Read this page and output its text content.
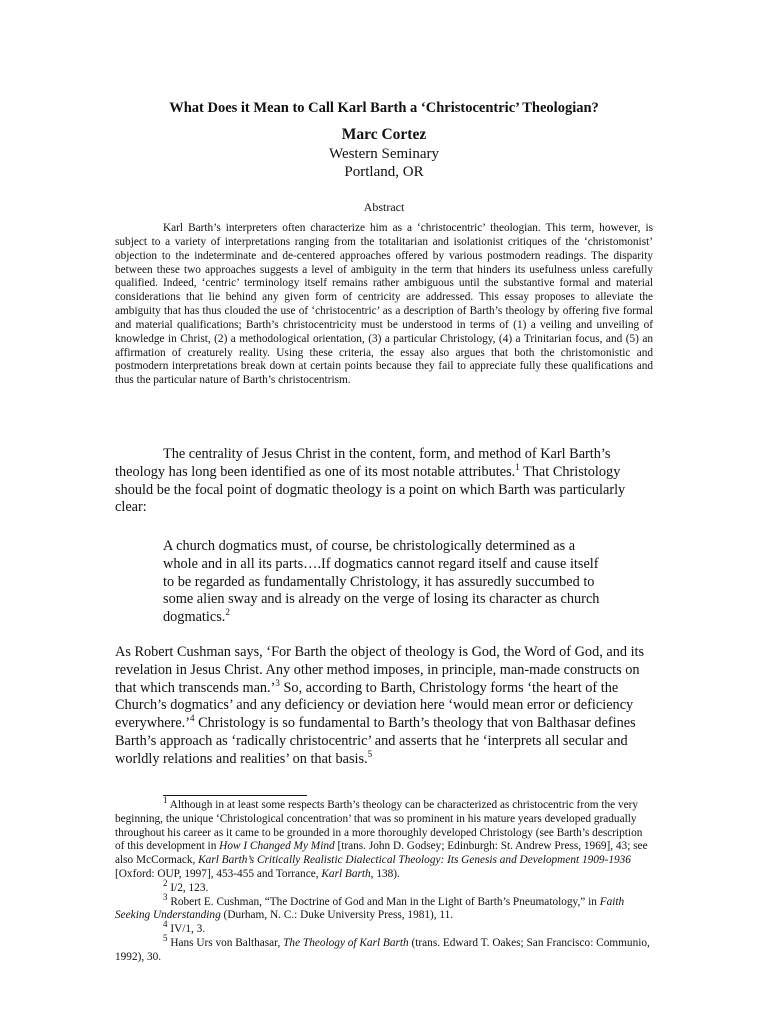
What Does it Mean to Call Karl Barth a ‘Christocentric’ Theologian?
Marc Cortez
Western Seminary
Portland, OR
Abstract

Karl Barth’s interpreters often characterize him as a ‘christocentric’ theologian. This term, however, is subject to a variety of interpretations ranging from the totalitarian and isolationist critiques of the ‘christomonist’ objection to the indeterminate and de-centered approaches offered by various postmodern readings. The disparity between these two approaches suggests a level of ambiguity in the term that hinders its usefulness unless carefully qualified. Indeed, ‘centric’ terminology itself remains rather ambiguous until the substantive formal and material considerations that lie behind any given form of centricity are addressed. This essay proposes to alleviate the ambiguity that has thus clouded the use of ‘christocentric’ as a description of Barth’s theology by offering five formal and material qualifications; Barth’s christocentricity must be understood in terms of (1) a veiling and unveiling of knowledge in Christ, (2) a methodological orientation, (3) a particular Christology, (4) a Trinitarian focus, and (5) an affirmation of creaturely reality. Using these criteria, the essay also argues that both the christomonistic and postmodern interpretations break down at certain points because they fail to appreciate fully these qualifications and thus the particular nature of Barth’s christocentrism.

The centrality of Jesus Christ in the content, form, and method of Karl Barth’s theology has long been identified as one of its most notable attributes.$^1$ That Christology should be the focal point of dogmatic theology is a point on which Barth was particularly clear:

A church dogmatics must, of course, be christologically determined as a whole and in all its parts….If dogmatics cannot regard itself and cause itself to be regarded as fundamentally Christology, it has assuredly succumbed to some alien sway and is already on the verge of losing its character as church dogmatics.$^2$

As Robert Cushman says, ‘For Barth the object of theology is God, the Word of God, and its revelation in Jesus Christ. Any other method imposes, in principle, man-made constructs on that which transcends man.’$^3$ So, according to Barth, Christology forms ‘the heart of the Church’s dogmatics’ and any deficiency or deviation here ‘would mean error or deficiency everywhere.’$^4$ Christology is so fundamental to Barth’s theology that von Balthasar defines Barth’s approach as ‘radically christocentric’ and asserts that he ‘interprets all secular and worldly relations and realities’ on that basis.$^5$

$^1$ Although in at least some respects Barth’s theology can be characterized as christocentric from the very beginning, the unique ‘Christological concentration’ that was so prominent in his mature years developed gradually throughout his career as it came to be grounded in a more thoroughly developed Christology (see Barth’s description of this development in How I Changed My Mind [trans. John D. Godsey; Edinburgh: St. Andrew Press, 1969], 43; see also McCormack, Karl Barth’s Critically Realistic Dialectical Theology: Its Genesis and Development 1909-1936 [Oxford: OUP, 1997], 453-455 and Torrance, Karl Barth, 138).

$^2$ I/2, 123.

$^3$ Robert E. Cushman, “The Doctrine of God and Man in the Light of Barth’s Pneumatology,” in Faith Seeking Understanding (Durham, N. C.: Duke University Press, 1981), 11.

$^4$ IV/1, 3.

$^5$ Hans Urs von Balthasar, The Theology of Karl Barth (trans. Edward T. Oakes; San Francisco: Communio, 1992), 30.
